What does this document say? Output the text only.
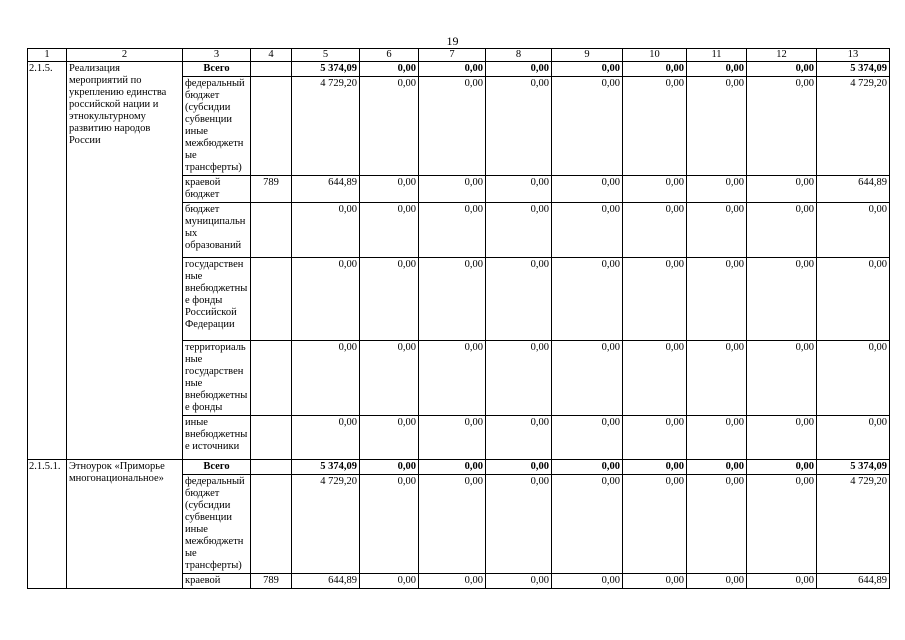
19
1	2	3	4	5	6	7	8	9	10	11	12	13
2.1.5.	Реализация мероприятий по укреплению единства российской нации и этнокультурному развитию народов России	Всего		5 374,09	0,00	0,00	0,00	0,00	0,00	0,00	0,00	5 374,09
		федеральный бюджет (субсидии субвенции иные межбюджетные трансферты)		4 729,20	0,00	0,00	0,00	0,00	0,00	0,00	0,00	4 729,20
		краевой бюджет	789	644,89	0,00	0,00	0,00	0,00	0,00	0,00	0,00	644,89
		бюджет муниципальных образований		0,00	0,00	0,00	0,00	0,00	0,00	0,00	0,00	0,00
		государственные внебюджетные фонды Российской Федерации		0,00	0,00	0,00	0,00	0,00	0,00	0,00	0,00	0,00
		территориальные государственные внебюджетные фонды		0,00	0,00	0,00	0,00	0,00	0,00	0,00	0,00	0,00
		иные внебюджетные источники		0,00	0,00	0,00	0,00	0,00	0,00	0,00	0,00	0,00
2.1.5.1.	Этноурок «Приморье многонациональное»	Всего		5 374,09	0,00	0,00	0,00	0,00	0,00	0,00	0,00	5 374,09
		федеральный бюджет (субсидии субвенции иные межбюджетные трансферты)		4 729,20	0,00	0,00	0,00	0,00	0,00	0,00	0,00	4 729,20
		краевой	789	644,89	0,00	0,00	0,00	0,00	0,00	0,00	0,00	644,89
